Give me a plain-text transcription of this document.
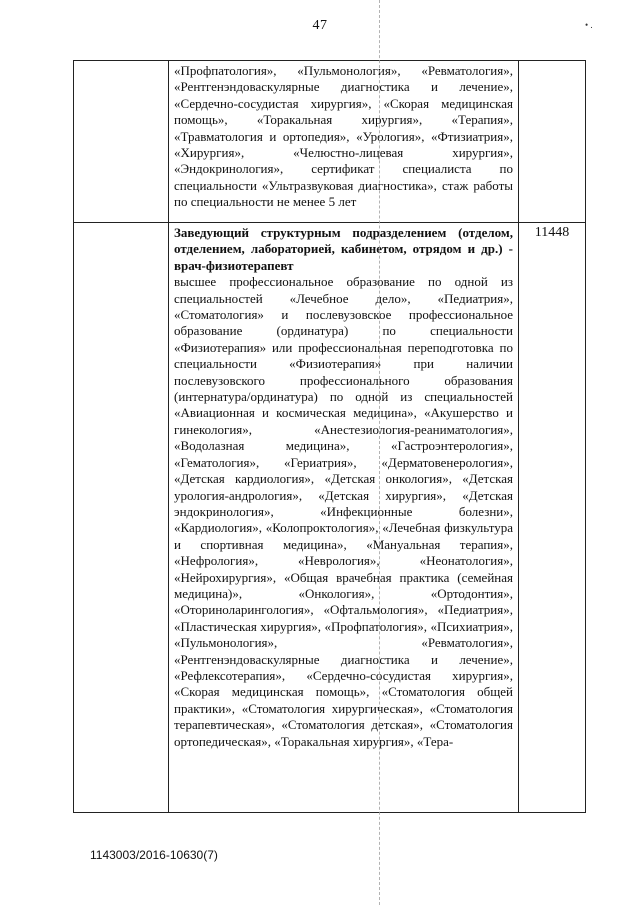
47	• .

	«Профпатология», «Пульмонология», «Ревматология», «Рентгенэндоваскулярные диагностика и лечение», «Сердечно-сосудистая хирургия», «Скорая медицинская помощь», «Торакальная хирургия», «Терапия», «Травматология и ортопедия», «Урология», «Фтизиатрия», «Хирургия», «Челюстно-лицевая хирургия», «Эндокринология», сертификат специалиста по специальности «Ультразвуковая диагностика», стаж работы по специальности не менее 5 лет	

	Заведующий структурным подразделением (отделом, отделением, лабораторией, кабинетом, отрядом и др.) - врач-физиотерапевт
высшее профессиональное образование по одной из специальностей «Лечебное дело», «Педиатрия», «Стоматология» и послевузовское профессиональное образование (ординатура) по специальности «Физиотерапия» или профессиональная переподготовка по специальности «Физиотерапия» при наличии послевузовского профессионального образования (интернатура/ординатура) по одной из специальностей «Авиационная и космическая медицина», «Акушерство и гинекология», «Анестезиология-реаниматология», «Водолазная медицина», «Гастроэнтерология», «Гематология», «Гериатрия», «Дерматовенерология», «Детская кардиология», «Детская онкология», «Детская урология-андрология», «Детская хирургия», «Детская эндокринология», «Инфекционные болезни», «Кардиология», «Колопроктология», «Лечебная физкультура и спортивная медицина», «Мануальная терапия», «Нефрология», «Неврология», «Неонатология», «Нейрохирургия», «Общая врачебная практика (семейная медицина)», «Онкология», «Ортодонтия», «Оториноларингология», «Офтальмология», «Педиатрия», «Пластическая хирургия», «Профпатология», «Психиатрия», «Пульмонология», «Ревматология», «Рентгенэндоваскулярные диагностика и лечение», «Рефлексотерапия», «Сердечно-сосудистая хирургия», «Скорая медицинская помощь», «Стоматология общей практики», «Стоматология хирургическая», «Стоматология терапевтическая», «Стоматология детская», «Стоматология ортопедическая», «Торакальная хирургия», «Тера-	11448
1143003/2016-10630(7)
